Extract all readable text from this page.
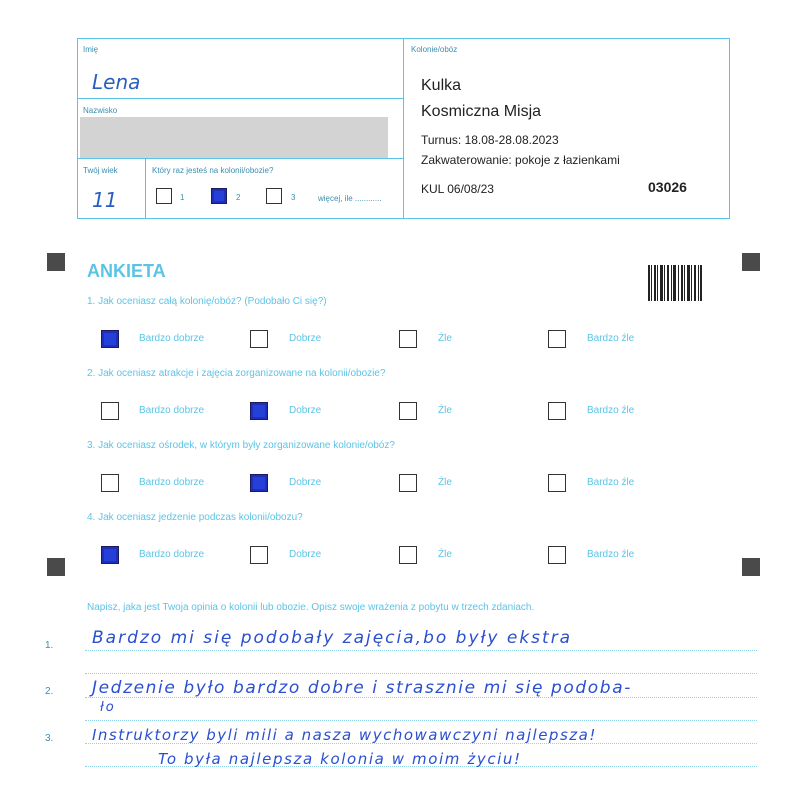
Imię
Lena
Nazwisko
Twój wiek
11
Który raz jesteś na kolonii/obozie?
1	2	3	więcej, ile ............
Kolonie/obóz
Kulka
Kosmiczna Misja
Turnus: 18.08-28.08.2023
Zakwaterowanie: pokoje z łazienkami
KUL 06/08/23	03026
ANKIETA
1. Jak oceniasz całą kolonię/obóz? (Podobało Ci się?)
Bardzo dobrze	Dobrze	Źle	Bardzo źle
2. Jak oceniasz atrakcje i zajęcia zorganizowane na kolonii/obozie?
Bardzo dobrze	Dobrze	Źle	Bardzo źle
3. Jak oceniasz ośrodek, w którym były zorganizowane kolonie/obóz?
Bardzo dobrze	Dobrze	Źle	Bardzo źle
4. Jak oceniasz jedzenie podczas kolonii/obozu?
Bardzo dobrze	Dobrze	Źle	Bardzo źle
Napisz, jaka jest Twoja opinia o kolonii lub obozie. Opisz swoje wrażenia z pobytu w trzech zdaniach.
1.
2.
3.
Bardzo mi się podobały zajęcia,bo były ekstra
Jedzenie było bardzo dobre i strasznie mi się podoba-
ło
Instruktorzy byli mili a nasza wychowawczyni najlepsza!
To była najlepsza kolonia w moim życiu!
